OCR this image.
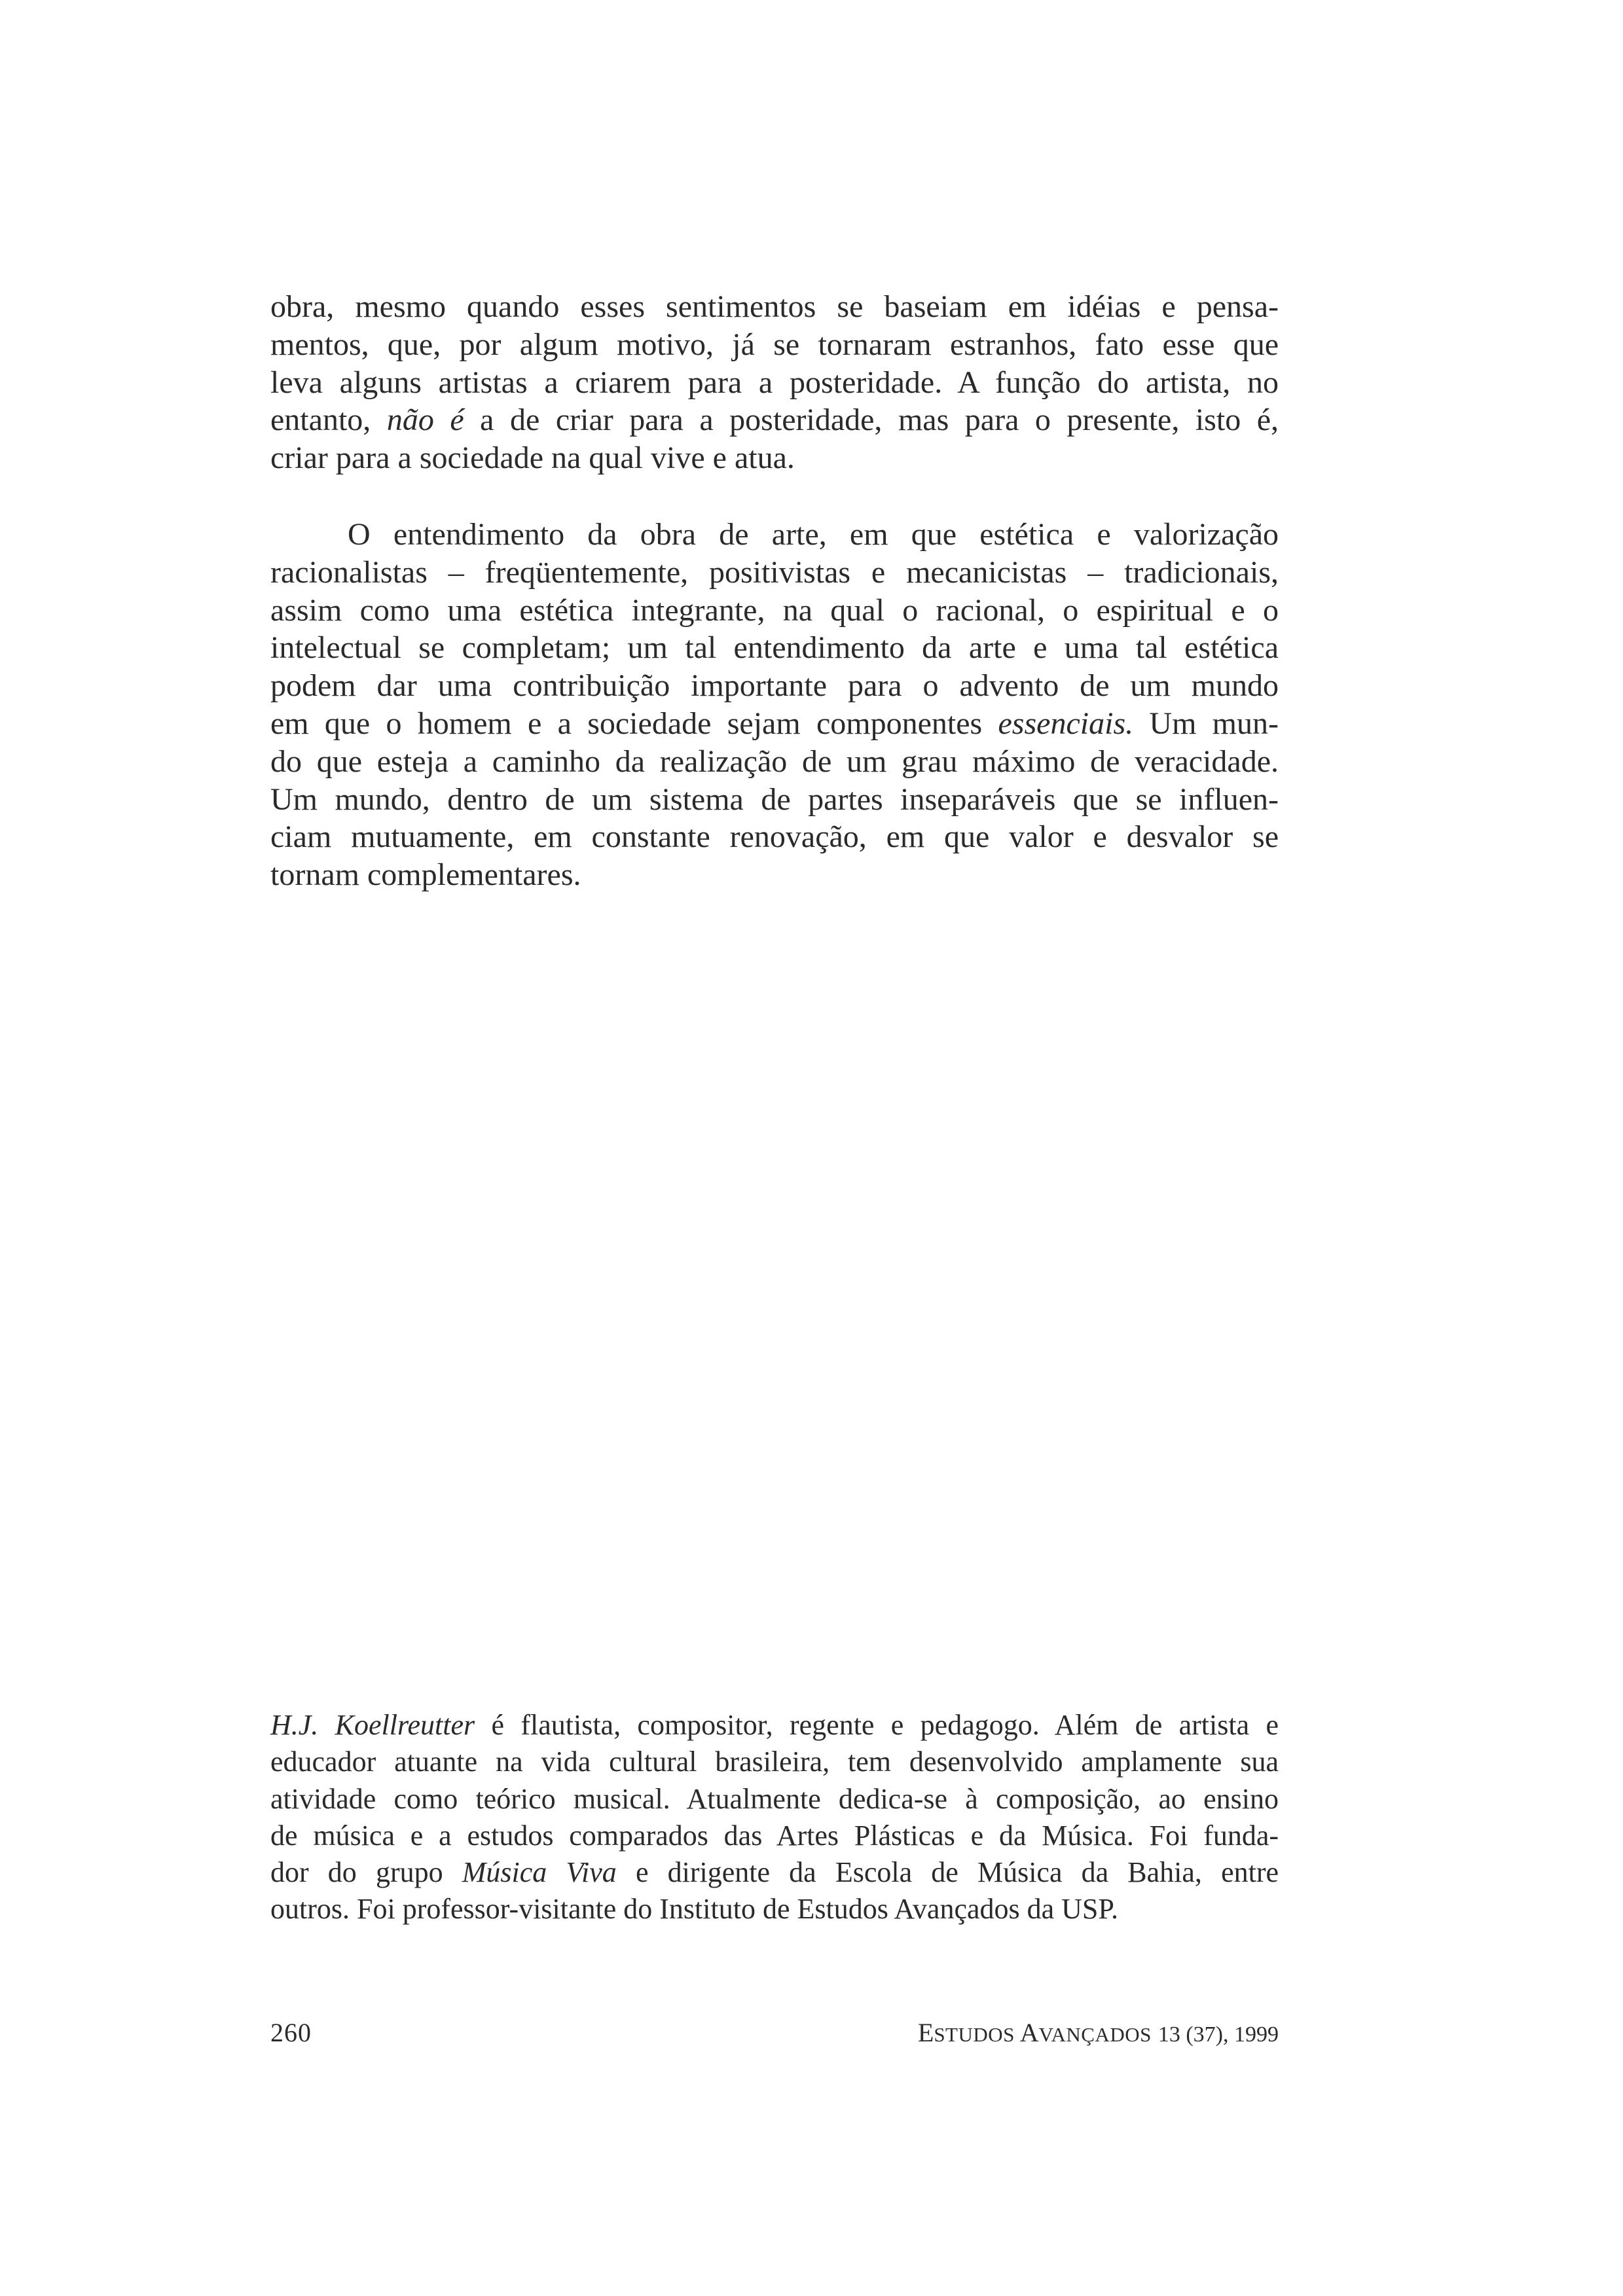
obra, mesmo quando esses sentimentos se baseiam em idéias e pensa-
mentos, que, por algum motivo, já se tornaram estranhos, fato esse que
leva alguns artistas a criarem para a posteridade. A função do artista, no
entanto, não é a de criar para a posteridade, mas para o presente, isto é,
criar para a sociedade na qual vive e atua.
O entendimento da obra de arte, em que estética e valorização
racionalistas – freqüentemente, positivistas e mecanicistas – tradicionais,
assim como uma estética integrante, na qual o racional, o espiritual e o
intelectual se completam; um tal entendimento da arte e uma tal estética
podem dar uma contribuição importante para o advento de um mundo
em que o homem e a sociedade sejam componentes essenciais. Um mun-
do que esteja a caminho da realização de um grau máximo de veracidade.
Um mundo, dentro de um sistema de partes inseparáveis que se influen-
ciam mutuamente, em constante renovação, em que valor e desvalor se
tornam complementares.
H.J. Koellreutter é flautista, compositor, regente e pedagogo. Além de artista e
educador atuante na vida cultural brasileira, tem desenvolvido amplamente sua
atividade como teórico musical. Atualmente dedica-se à composição, ao ensino
de música e a estudos comparados das Artes Plásticas e da Música. Foi funda-
dor do grupo Música Viva e dirigente da Escola de Música da Bahia, entre
outros. Foi professor-visitante do Instituto de Estudos Avançados da USP.
260	ESTUDOS AVANÇADOS 13 (37), 1999
